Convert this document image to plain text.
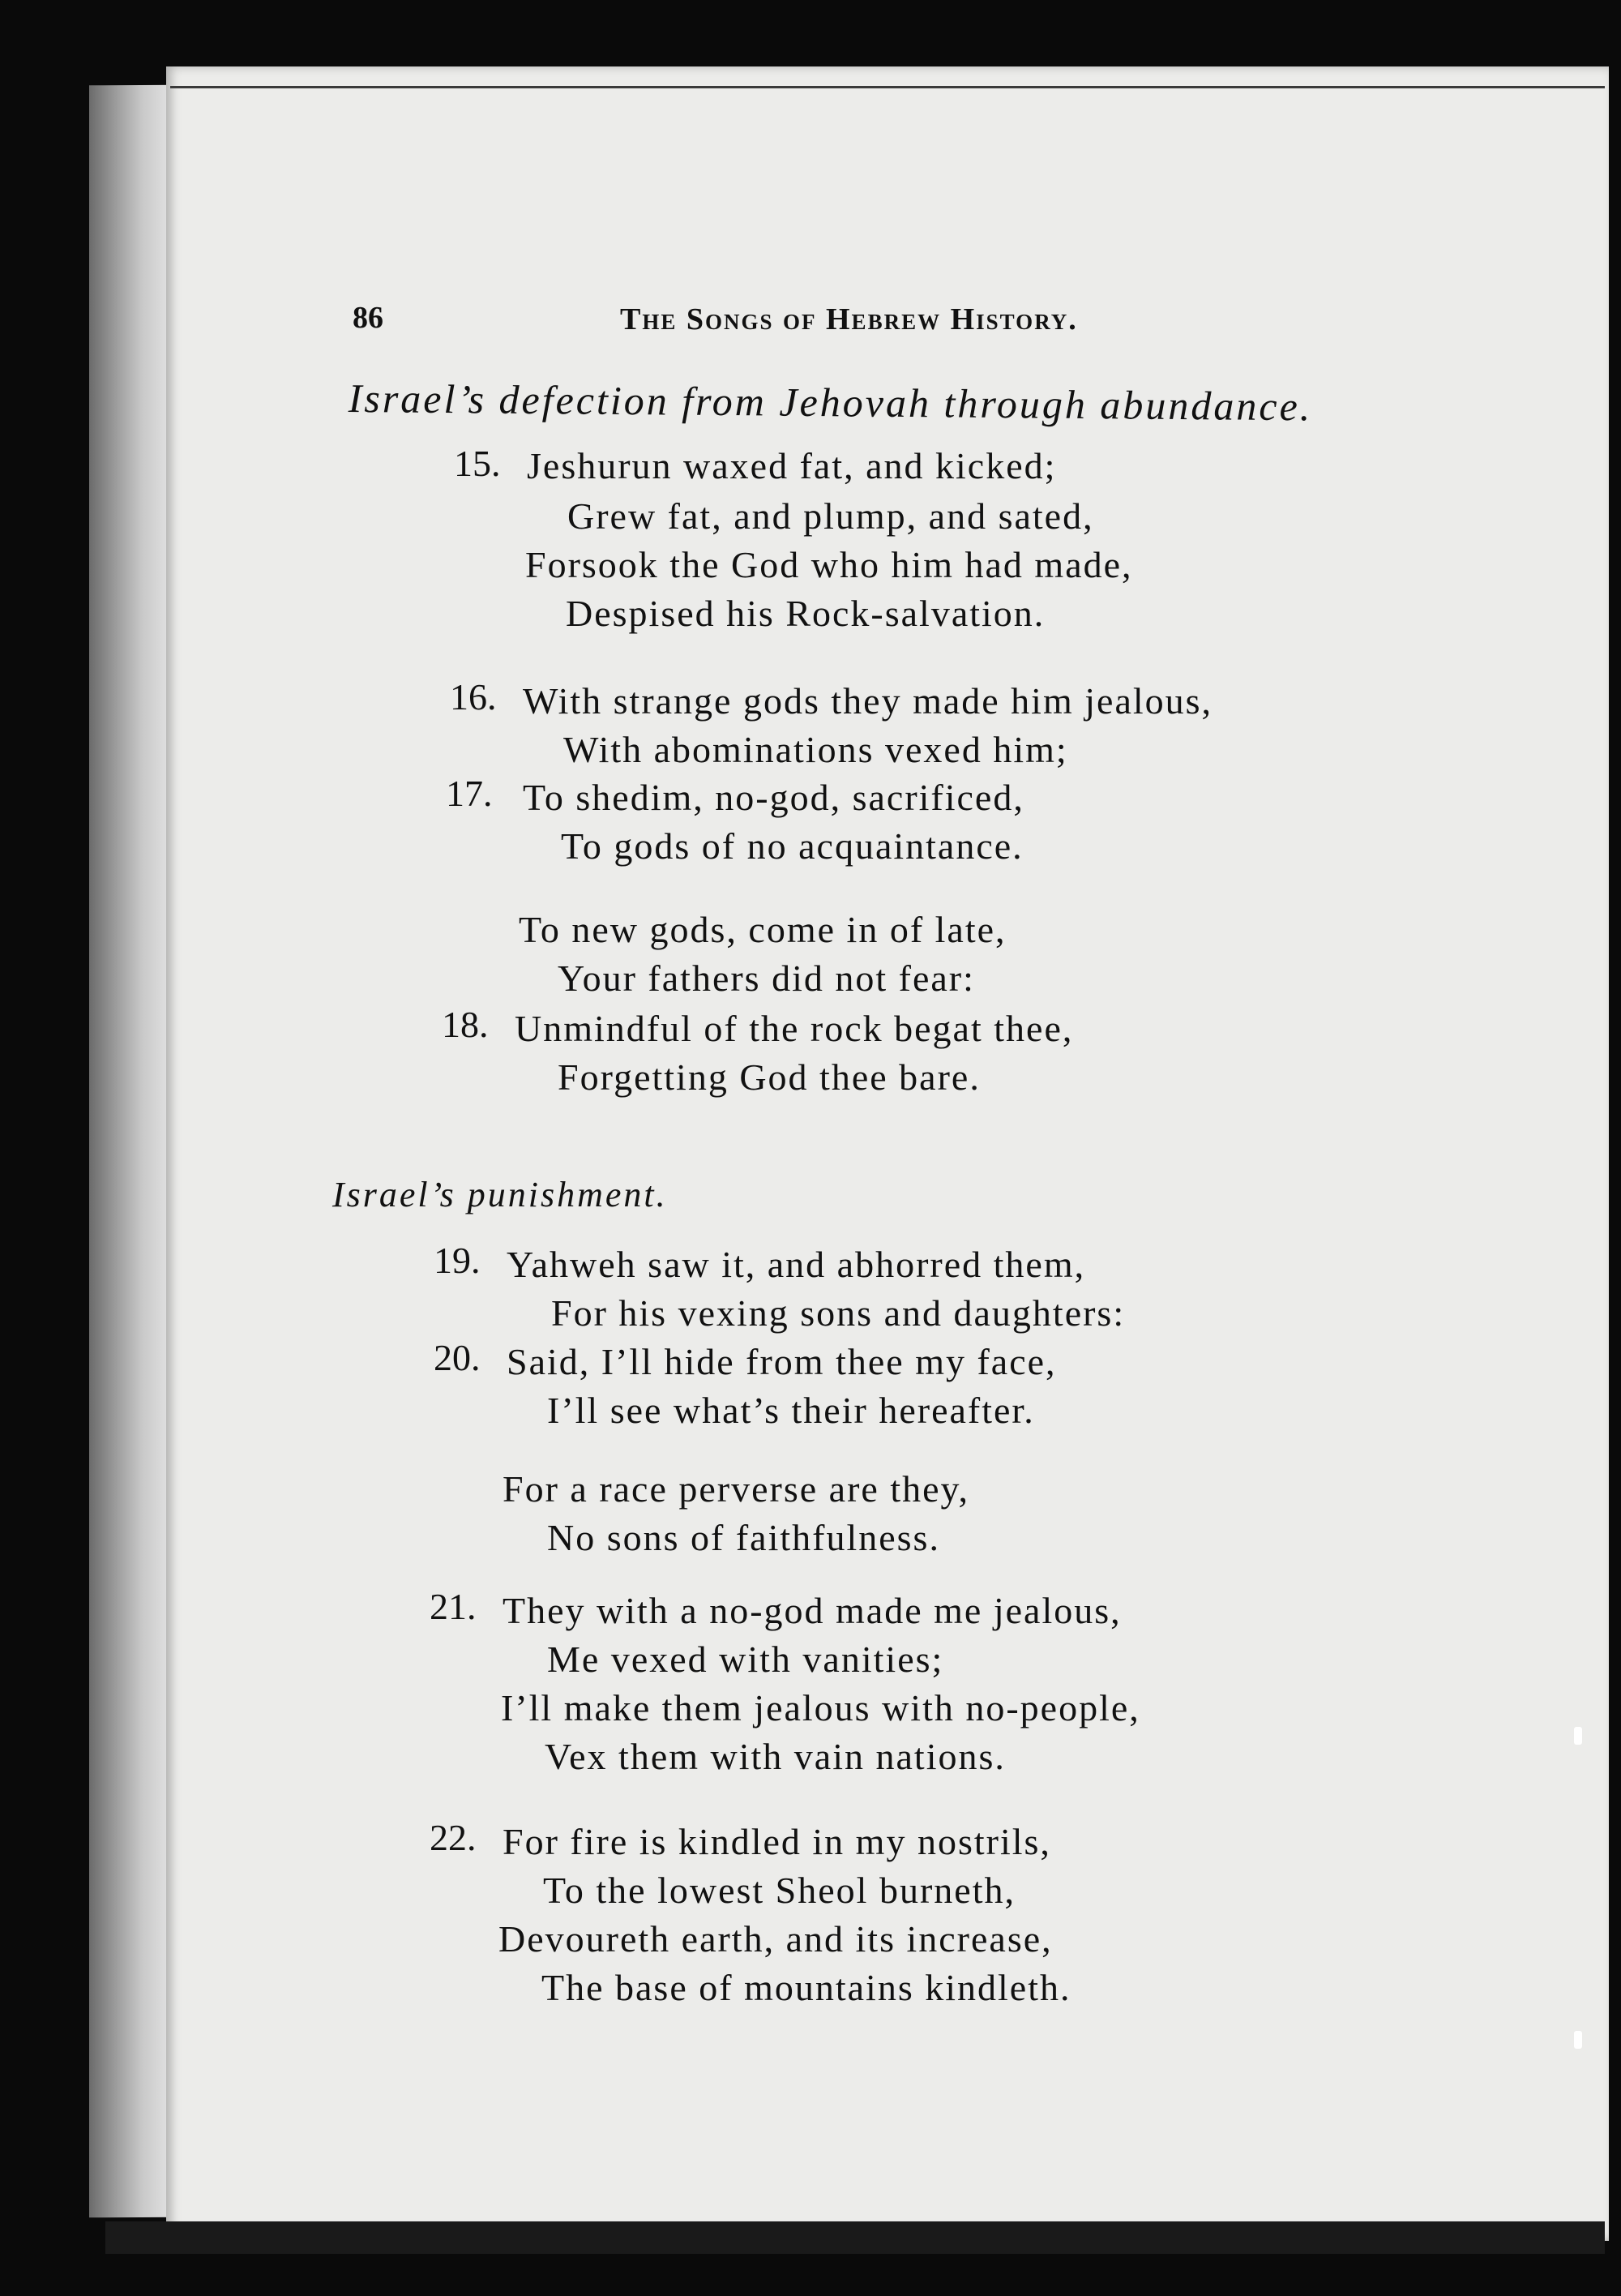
86	The Songs of Hebrew History.
Israel’s defection from Jehovah through abundance.
15. Jeshurun waxed fat, and kicked;
Grew fat, and plump, and sated,
Forsook the God who him had made,
Despised his Rock-salvation.
16. With strange gods they made him jealous,
With abominations vexed him;
17. To shedim, no-god, sacrificed,
To gods of no acquaintance.
To new gods, come in of late,
Your fathers did not fear:
18. Unmindful of the rock begat thee,
Forgetting God thee bare.
Israel’s punishment.
19. Yahweh saw it, and abhorred them,
For his vexing sons and daughters:
20. Said, I’ll hide from thee my face,
I’ll see what’s their hereafter.
For a race perverse are they,
No sons of faithfulness.
21. They with a no-god made me jealous,
Me vexed with vanities;
I’ll make them jealous with no-people,
Vex them with vain nations.
22. For fire is kindled in my nostrils,
To the lowest Sheol burneth,
Devoureth earth, and its increase,
The base of mountains kindleth.
